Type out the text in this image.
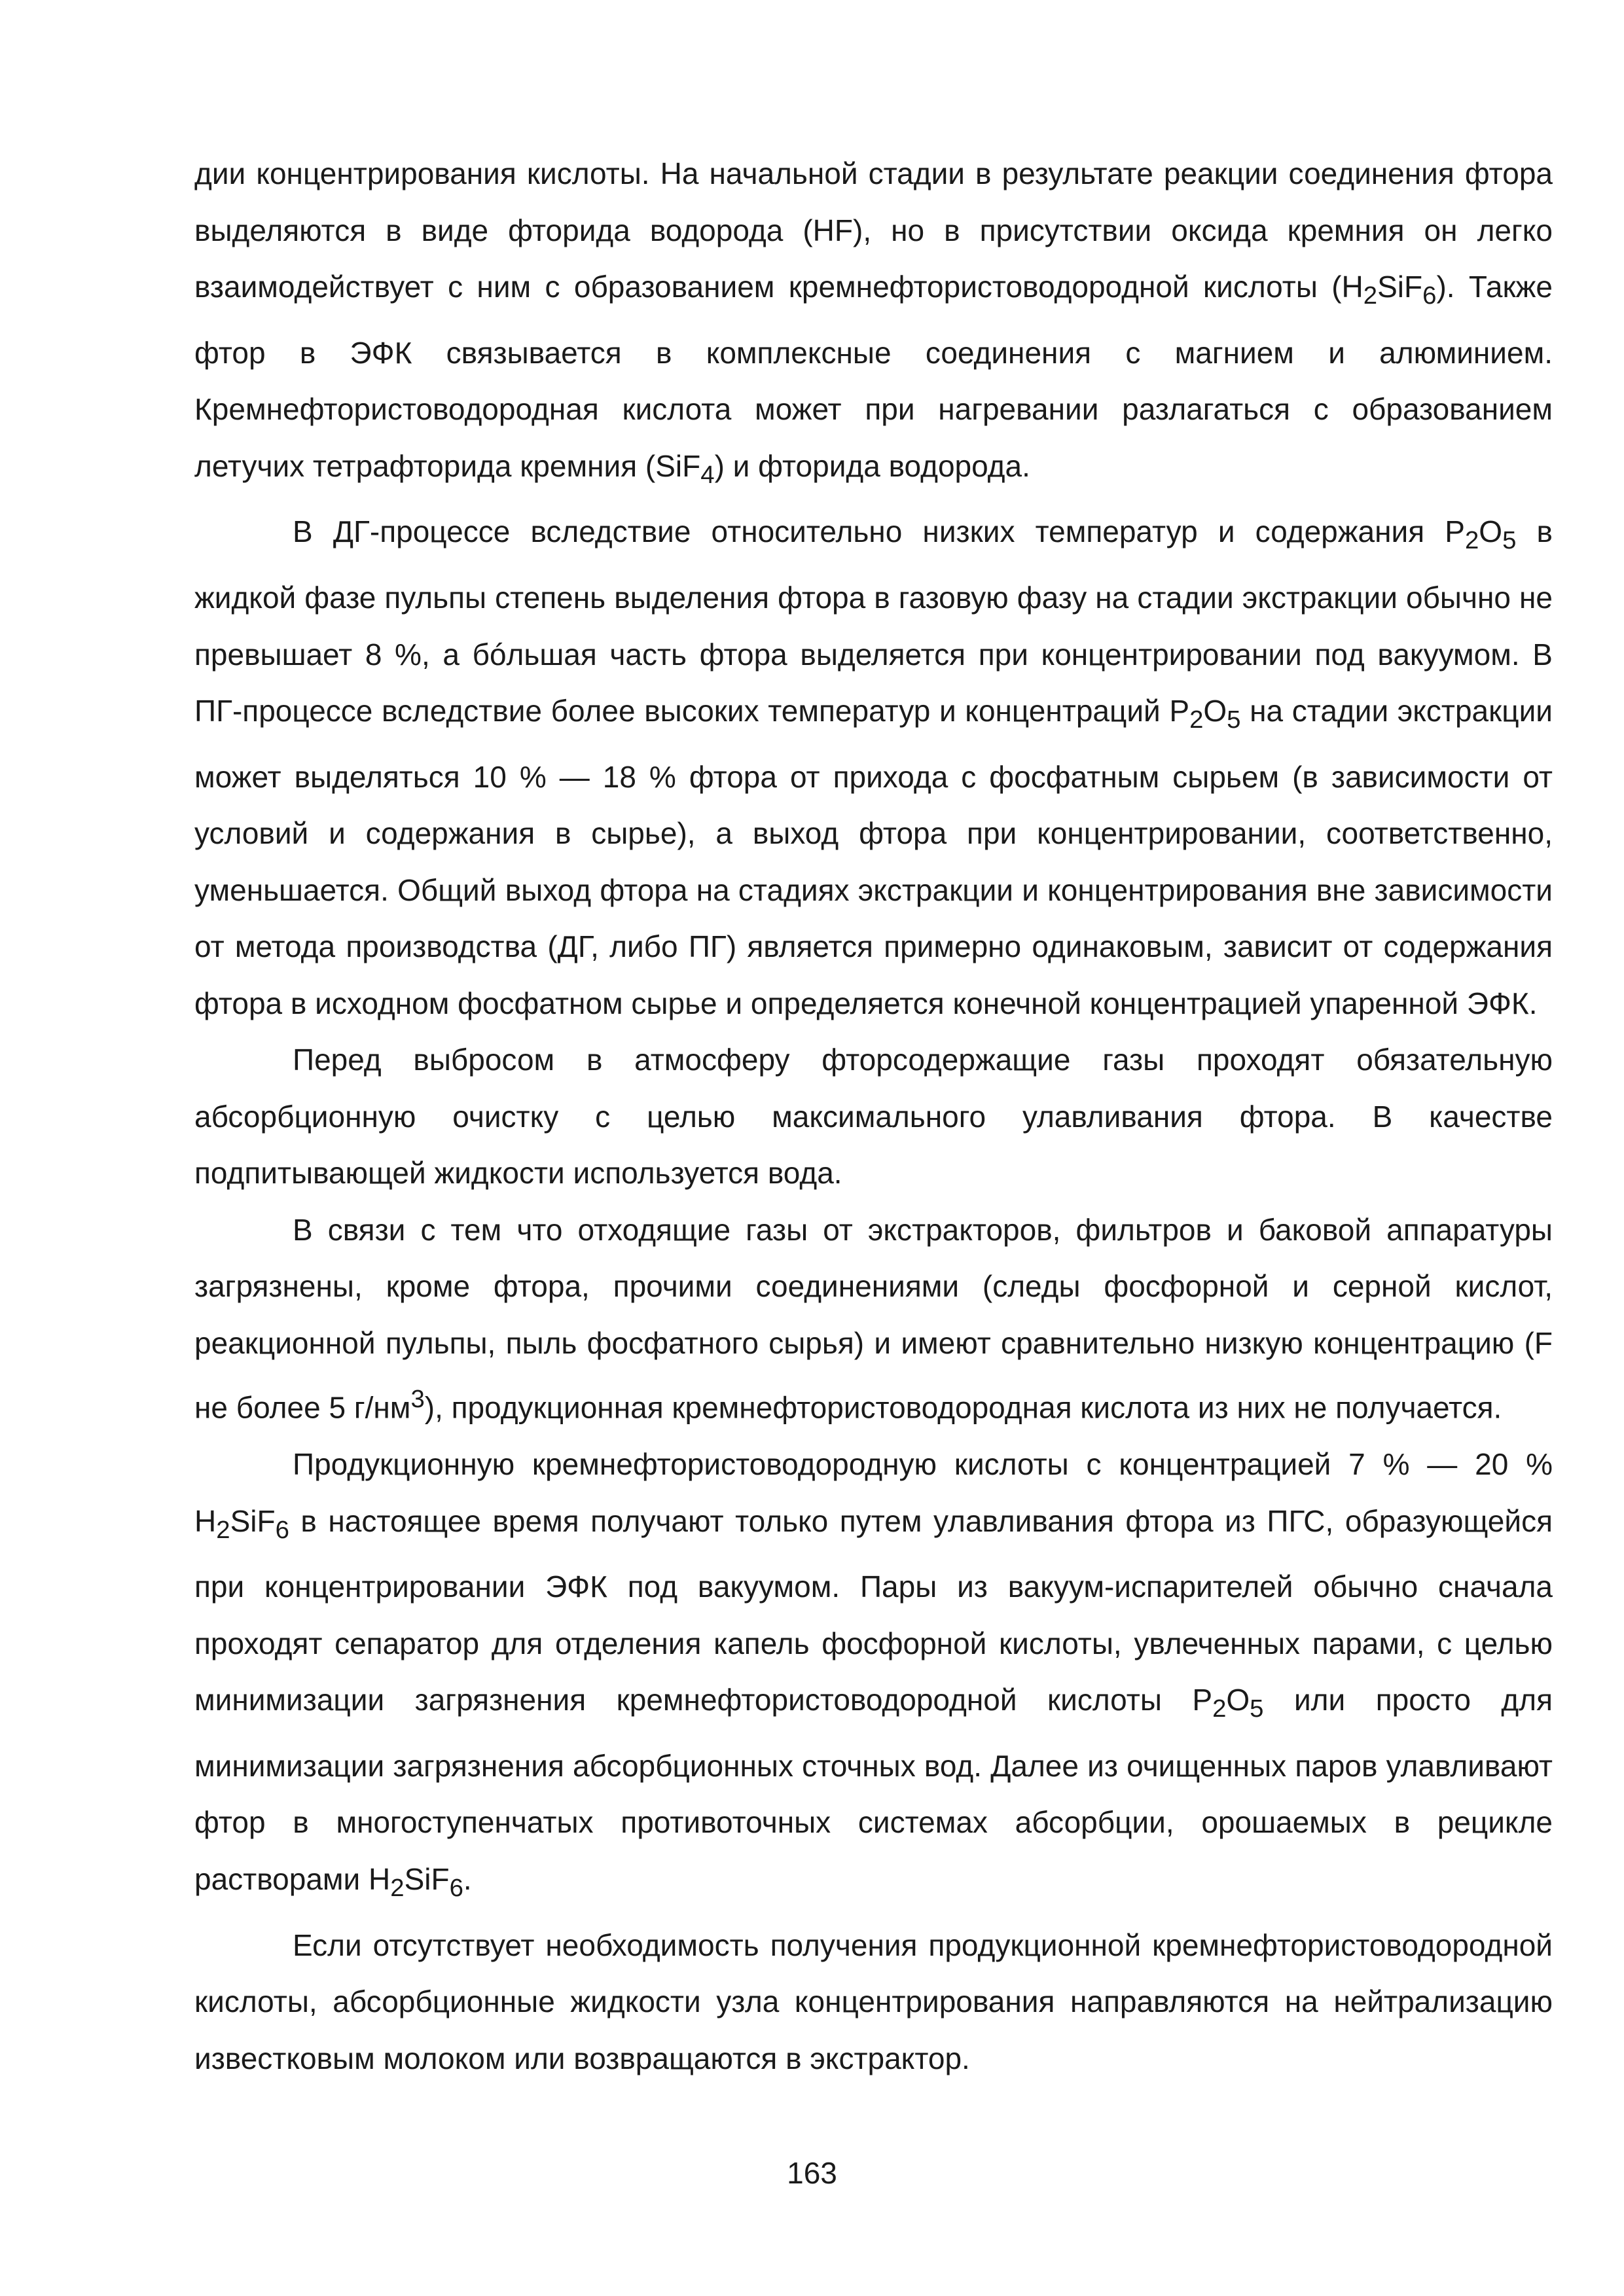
дии концентрирования кислоты. На начальной стадии в результате реакции соединения фтора выделяются в виде фторида водорода (HF), но в присутствии оксида кремния он легко взаимодействует с ним с образованием кремнефтористоводородной кислоты $(H_2SiF_6)$. Также фтор в ЭФК связывается в комплексные соединения с магнием и алюминием. Кремнефтористоводородная кислота может при нагревании разлагаться с образованием летучих тетрафторида кремния (SiF$_4$) и фторида водорода.

В ДГ-процессе вследствие относительно низких температур и содержания $P_2O_5$ в жидкой фазе пульпы степень выделения фтора в газовую фазу на стадии экстракции обычно не превышает 8 %, а бóльшая часть фтора выделяется при концентрировании под вакуумом. В ПГ-процессе вследствие более высоких температур и концентраций $P_2O_5$ на стадии экстракции может выделяться 10 % — 18 % фтора от прихода с фосфатным сырьем (в зависимости от условий и содержания в сырье), а выход фтора при концентрировании, соответственно, уменьшается. Общий выход фтора на стадиях экстракции и концентрирования вне зависимости от метода производства (ДГ, либо ПГ) является примерно одинаковым, зависит от содержания фтора в исходном фосфатном сырье и определяется конечной концентрацией упаренной ЭФК.

Перед выбросом в атмосферу фторсодержащие газы проходят обязательную абсорбционную очистку с целью максимального улавливания фтора. В качестве подпитывающей жидкости используется вода.

В связи с тем что отходящие газы от экстракторов, фильтров и баковой аппаратуры загрязнены, кроме фтора, прочими соединениями (следы фосфорной и серной кислот, реакционной пульпы, пыль фосфатного сырья) и имеют сравнительно низкую концентрацию (F не более 5 $г/нм^3$), продукционная кремнефтористоводородная кислота из них не получается.

Продукционную кремнефтористоводородную кислоты с концентрацией 7 % — 20 % $H_2SiF_6$ в настоящее время получают только путем улавливания фтора из ПГС, образующейся при концентрировании ЭФК под вакуумом. Пары из вакуум-испарителей обычно сначала проходят сепаратор для отделения капель фосфорной кислоты, увлеченных парами, с целью минимизации загрязнения кремнефтористоводородной кислоты $P_2O_5$ или просто для минимизации загрязнения абсорбционных сточных вод. Далее из очищенных паров улавливают фтор в многоступенчатых противоточных системах абсорбции, орошаемых в рецикле растворами $H_2SiF_6$.

Если отсутствует необходимость получения продукционной кремнефтористоводородной кислоты, абсорбционные жидкости узла концентрирования направляются на нейтрализацию известковым молоком или возвращаются в экстрактор.

163
